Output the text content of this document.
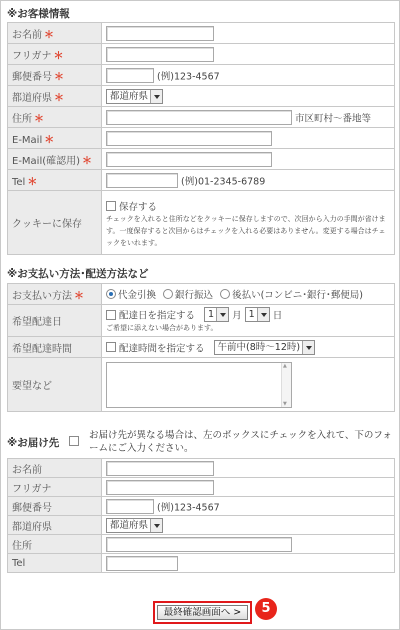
※お客様情報
お名前 ＊	
フリガナ ＊	
郵便番号 ＊	(例)123-4567
都道府県 ＊	都道府県
住所 ＊	市区町村～番地等
E-Mail ＊	
E-Mail(確認用) ＊	
Tel ＊	(例)01-2345-6789
クッキーに保存	保存する
チェックを入れると住所などをクッキーに保存しますので、次回から入力の手間が省けます。一度保存すると次回からはチェックを入れる必要はありません。変更する場合はチェックをいれます。
※お支払い方法･配送方法など
お支払い方法 ＊	代金引換 銀行振込 後払い(コンビニ･銀行･郵便局)
希望配達日	配達日を指定する 1 月 1 日
ご希望に添えない場合があります。

希望配達時間	配達時間を指定する 午前中(8時～12時)
要望など	
▲ ▼
※お届け先
お届け先が異なる場合は、左のボックスにチェックを入れて、下のフォームにご入力ください。
お名前	
フリガナ	
郵便番号	(例)123-4567
都道府県	都道府県
住所	
Tel	
最終確認画面へ >	5
